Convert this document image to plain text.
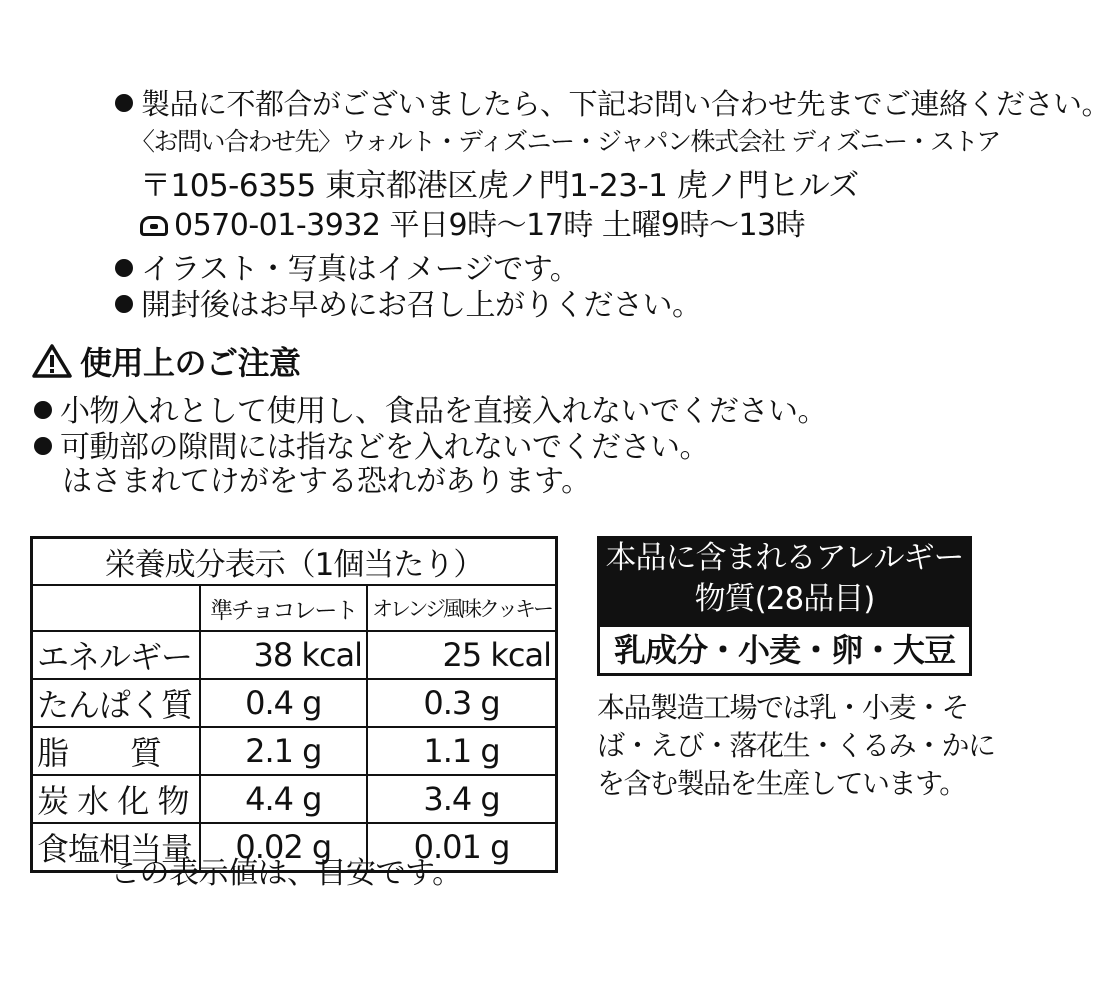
製品に不都合がございましたら、下記お問い合わせ先までご連絡ください。
〈お問い合わせ先〉ウォルト・ディズニー・ジャパン株式会社 ディズニー・ストア
〒105-6355 東京都港区虎ノ門1-23-1 虎ノ門ヒルズ
0570-01-3932 平日9時〜17時 土曜9時〜13時
イラスト・写真はイメージです。
開封後はお早めにお召し上がりください。
使用上のご注意
小物入れとして使用し、食品を直接入れないでください。
可動部の隙間には指などを入れないでください。
はさまれてけがをする恐れがあります。
栄養成分表示（1個当たり）		
	準チョコレート	オレンジ風味クッキー
エネルギー	38 kcal	25 kcal
たんぱく質	0.4 g	0.3 g
脂　　質	2.1 g	1.1 g
炭 水 化 物	4.4 g	3.4 g
食塩相当量	0.02 g	0.01 g
この表示値は、目安です。
本品に含まれるアレルギー
物質(28品目)
乳成分・小麦・卵・大豆
本品製造工場では乳・小麦・そ
ば・えび・落花生・くるみ・かに
を含む製品を生産しています。
